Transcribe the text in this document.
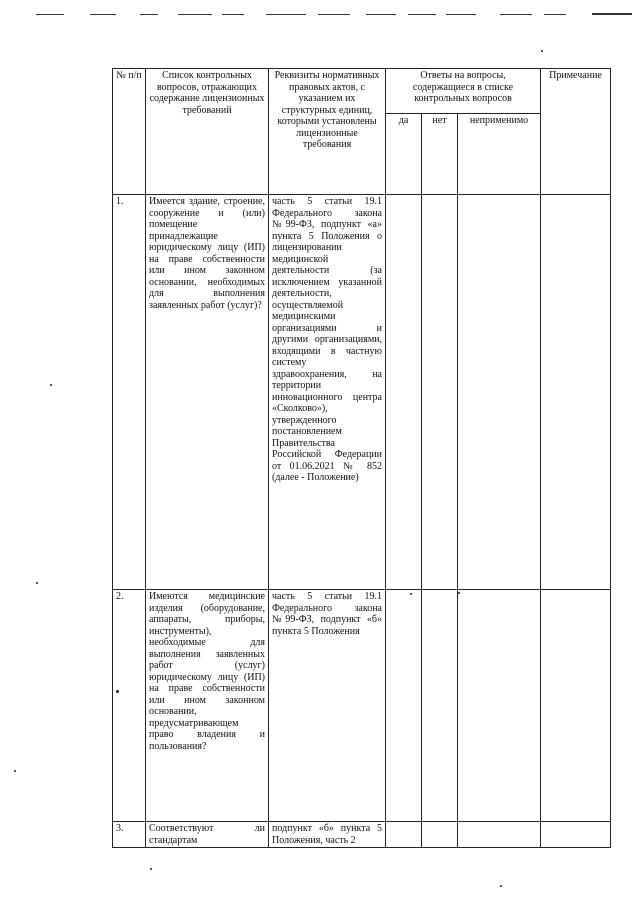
№ п/п	Список контрольных вопросов, отражающих содержание лицензионных требований	Реквизиты нормативных правовых актов, с указанием их структурных единиц, которыми установлены лицензионные требования	Ответы на вопросы, содержащиеся в списке контрольных вопросов			Примечание
			да	нет	неприменимо	
1.	Имеется здание, строение, сооружение и (или) помещение принадлежащие юридическому лицу (ИП) на праве собственности или ином законном основании, необходимых для выполнения заявленных работ (услуг)?	часть 5 статьи 19.1 Федерального закона №99-ФЗ, подпункт «а» пункта 5 Положения о лицензировании медицинской деятельности (за исключением указанной деятельности, осуществляемой медицинскими организациями и другими организациями, входящими в частную систему здравоохранения, на территории инновационного центра «Сколково»), утвержденного постановлением Правительства Российской Федерации от 01.06.2021 № 852 (далее - Положение)				
2.	Имеются медицинские изделия (оборудование, аппараты, приборы, инструменты), необходимые для выполнения заявленных работ (услуг) юридическому лицу (ИП) на праве собственности или ином законном основании, предусматривающем право владения и пользования?	часть 5 статьи 19.1 Федерального закона №99-ФЗ, подпункт «б» пункта 5 Положения				
3.	Соответствуют ли стандартам	подпункт «б» пункта 5 Положения, часть 2				
